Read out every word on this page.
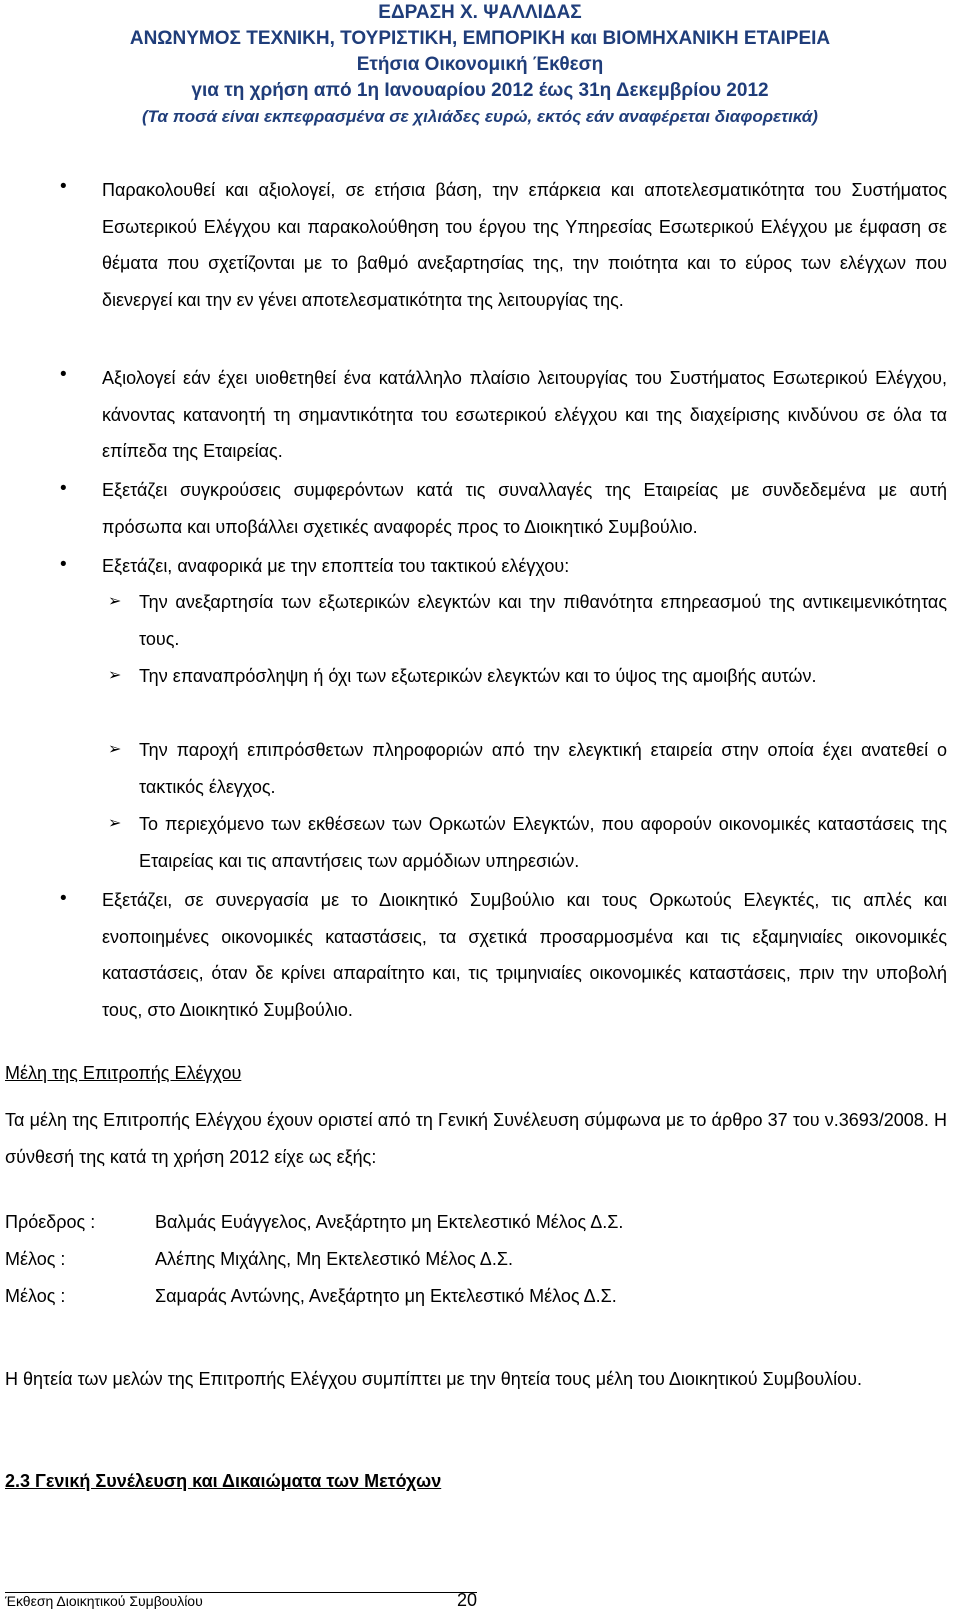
ΕΔΡΑΣΗ Χ. ΨΑΛΛΙΔΑΣ
ΑΝΩΝΥΜΟΣ ΤΕΧΝΙΚΗ, ΤΟΥΡΙΣΤΙΚΗ, ΕΜΠΟΡΙΚΗ και ΒΙΟΜΗΧΑΝΙΚΗ ΕΤΑΙΡΕΙΑ
Ετήσια Οικονομική Έκθεση
για τη χρήση από 1η Ιανουαρίου 2012 έως 31η Δεκεμβρίου 2012
(Τα ποσά είναι εκπεφρασμένα σε χιλιάδες ευρώ, εκτός εάν αναφέρεται διαφορετικά)
• Παρακολουθεί και αξιολογεί, σε ετήσια βάση, την επάρκεια και αποτελεσματικότητα του Συστήματος Εσωτερικού Ελέγχου και παρακολούθηση του έργου της Υπηρεσίας Εσωτερικού Ελέγχου με έμφαση σε θέματα που σχετίζονται με το βαθμό ανεξαρτησίας της, την ποιότητα και το εύρος των ελέγχων που διενεργεί και την εν γένει αποτελεσματικότητα της λειτουργίας της.
• Αξιολογεί εάν έχει υιοθετηθεί ένα κατάλληλο πλαίσιο λειτουργίας του Συστήματος Εσωτερικού Ελέγχου, κάνοντας κατανοητή τη σημαντικότητα του εσωτερικού ελέγχου και της διαχείρισης κινδύνου σε όλα τα επίπεδα της Εταιρείας.
• Εξετάζει συγκρούσεις συμφερόντων κατά τις συναλλαγές της Εταιρείας με συνδεδεμένα με αυτή πρόσωπα και υποβάλλει σχετικές αναφορές προς το Διοικητικό Συμβούλιο.
• Εξετάζει, αναφορικά με την εποπτεία του τακτικού ελέγχου:
➢ Την ανεξαρτησία των εξωτερικών ελεγκτών και την πιθανότητα επηρεασμού της αντικειμενικότητας τους.
➢ Την επαναπρόσληψη ή όχι των εξωτερικών ελεγκτών και το ύψος της αμοιβής αυτών.
➢ Την παροχή επιπρόσθετων πληροφοριών από την ελεγκτική εταιρεία στην οποία έχει ανατεθεί ο τακτικός έλεγχος.
➢ Το περιεχόμενο των εκθέσεων των Ορκωτών Ελεγκτών, που αφορούν οικονομικές καταστάσεις της Εταιρείας και τις απαντήσεις των αρμόδιων υπηρεσιών.
• Εξετάζει, σε συνεργασία με το Διοικητικό Συμβούλιο και τους Ορκωτούς Ελεγκτές, τις απλές και ενοποιημένες οικονομικές καταστάσεις, τα σχετικά προσαρμοσμένα και τις εξαμηνιαίες οικονομικές καταστάσεις, όταν δε κρίνει απαραίτητο και, τις τριμηνιαίες οικονομικές καταστάσεις, πριν την υποβολή τους, στο Διοικητικό Συμβούλιο.
Μέλη της Επιτροπής Ελέγχου
Τα μέλη της Επιτροπής Ελέγχου έχουν οριστεί από τη Γενική Συνέλευση σύμφωνα με το άρθρο 37 του ν.3693/2008. Η σύνθεσή της κατά τη χρήση 2012 είχε ως εξής:
Πρόεδρος :	Βαλμάς Ευάγγελος, Ανεξάρτητο μη Εκτελεστικό Μέλος Δ.Σ.
Μέλος :	Αλέπης Μιχάλης, Μη Εκτελεστικό Μέλος Δ.Σ.
Μέλος :	Σαμαράς Αντώνης, Ανεξάρτητο μη Εκτελεστικό Μέλος Δ.Σ.
Η θητεία των μελών της Επιτροπής Ελέγχου συμπίπτει με την θητεία τους μέλη του Διοικητικού Συμβουλίου.
2.3 Γενική Συνέλευση και Δικαιώματα των Μετόχων
Έκθεση Διοικητικού Συμβουλίου	20
